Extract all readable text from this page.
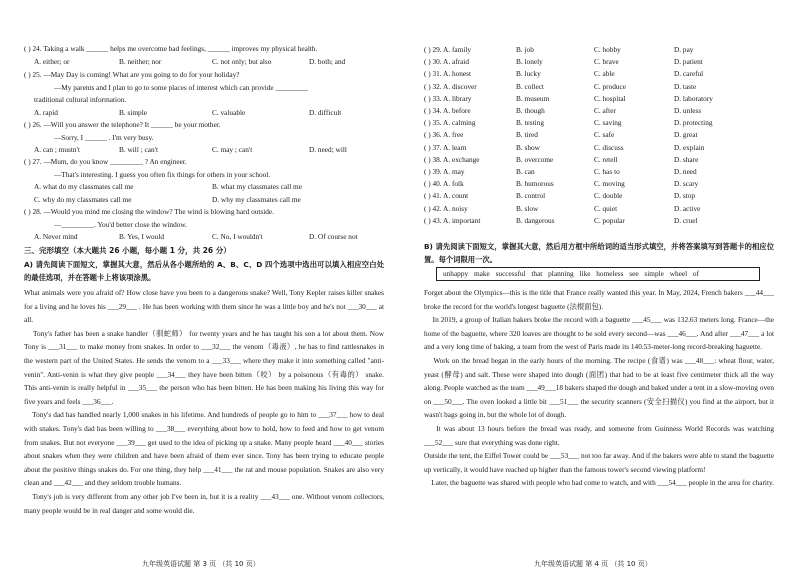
( ) 24. Taking a walk ______ helps me overcome bad feelings, ______ improves my physical health.
A. either; or	B. neither; nor	C. not only; but also	D. both; and
( ) 25. —May Day is coming! What are you going to do for your holiday?
—My parents and I plan to go to some places of interest which can provide _________
traditional cultural information.
A. rapid	B. simple	C. valuable	D. difficult
( ) 26. —Will you answer the telephone? It ______ be your mother.
—Sorry, I ______ . I'm very busy.
A. can ; mustn't	B. will ; can't	C. may ; can't	D. need; will
( ) 27. —Mum, do you know _________ ? An engineer.
—That's interesting. I guess you often fix things for others in your school.
A. what do my classmates call me	B. what my classmates call me
C. why do my classmates call me	D. why my classmates call me
( ) 28. —Would you mind me closing the window? The wind is blowing hard outside.
—_________. You'd better close the window.
A. Never mind	B. Yes, I would	C. No, I wouldn't	D. Of course not
三、完形填空（本大题共 26 小题，每小题 1 分，共 26 分）
A) 请先阅读下面短文，掌握其大意，然后从各小题所给的 A、B、C、D 四个选项中选出可以填入相应空白处的最佳选项，并在答题卡上将该项涂黑。
What animals were you afraid of? How close have you been to a dangerous snake? Well, Tony Kepler raises killer snakes for a living and he loves his ___29___ . He has been working with them since he was a little boy and he's not ___30___ at all.
Tony's father has been a snake handler（驯蛇师） for twenty years and he has taught his son a lot about them. Now Tony is ___31___ to make money from snakes. In order to ___32___ the venom（毒液）, he has to find rattlesnakes in the western part of the United States. He sends the venom to a ___33___ where they make it into something called "anti-venin". Anti-venin is what they give people ___34___ they have been bitten（咬） by a poisonous（有毒的） snake. This anti-venin is really helpful in ___35___ the person who has been bitten. He has been making his living this way for five years and feels ___36___.
Tony's dad has handled nearly 1,000 snakes in his lifetime. And hundreds of people go to him to ___37___ how to deal with snakes. Tony's dad has been willing to ___38___ everything about how to hold, how to feed and how to get venom from snakes. But not everyone ___39___ get used to the idea of picking up a snake. Many people heard ___40___ stories about snakes when they were children and have been afraid of them ever since. Tony has been trying to educate people about the positive things snakes do. For one thing, they help ___41___ the rat and mouse population. Snakes are also very clean and ___42___ and they seldom trouble humans.
Tony's job is very different from any other job I've been in, but it is a reality ___43___ one. Without venom collectors, many people would be in real danger and some would die.
九年级英语试题 第 3 页 （共 10 页）
( ) 29. A. family	B. job	C. hobby	D. pay
( ) 30. A. afraid	B. lonely	C. brave	D. patient
( ) 31. A. honest	B. lucky	C. able	D. careful
( ) 32. A. discover	B. collect	C. produce	D. taste
( ) 33. A. library	B. museum	C. hospital	D. laboratory
( ) 34. A. before	B. though	C. after	D. unless
( ) 35. A. calming	B. testing	C. saving	D. protecting
( ) 36. A. free	B. tired	C. safe	D. great
( ) 37. A. learn	B. show	C. discuss	D. explain
( ) 38. A. exchange	B. overcome	C. retell	D. share
( ) 39. A. may	B. can	C. has to	D. need
( ) 40. A. folk	B. humorous	C. moving	D. scary
( ) 41. A. count	B. control	C. double	D. stop
( ) 42. A. noisy	B. slow	C. quiet	D. active
( ) 43. A. important	B. dangerous	C. popular	D. cruel
B) 请先阅读下面短文，掌握其大意，然后用方框中所给词的适当形式填空，并将答案填写到答题卡的相应位置。每个词限用一次。
unhappy make successful that planning like homeless see simple wheel of
Forget about the Olympics—this is the title that France really wanted this year. In May, 2024, French bakers ___44___ broke the record for the world's longest baguette (法棍面包).
In 2019, a group of Italian bakers broke the record with a baguette ___45___ was 132.63 meters long. France—the home of the baguette, where 320 loaves are thought to be sold every second—was ___46___. And after ___47___ a lot and a very long time of baking, a team from the west of Paris made its 140.53-meter-long record-breaking baguette.
Work on the bread began in the early hours of the morning. The recipe (食谱) was ___48___: wheat flour, water, yeast (酵母) and salt. These were shaped into dough (面团) that had to be at least five centimeter thick all the way along. People watched as the team ___49___18 bakers shaped the dough and baked under a tent in a slow-moving oven on ___50___. The oven looked a little bit ___51___ the security scanners (安全扫描仪) you find at the airport, but it wasn't bags going in, but the whole lot of dough.
It was about 13 hours before the bread was ready, and someone from Guinness World Records was watching ___52___ sure that everything was done right.
Outside the tent, the Eiffel Tower could be ___53___ not too far away. And if the bakers were able to stand the baguette up vertically, it would have reached up higher than the famous tower's second viewing platform!
Later, the baguette was shared with people who had come to watch, and with ___54___ people in the area for charity.
九年级英语试题 第 4 页 （共 10 页）
